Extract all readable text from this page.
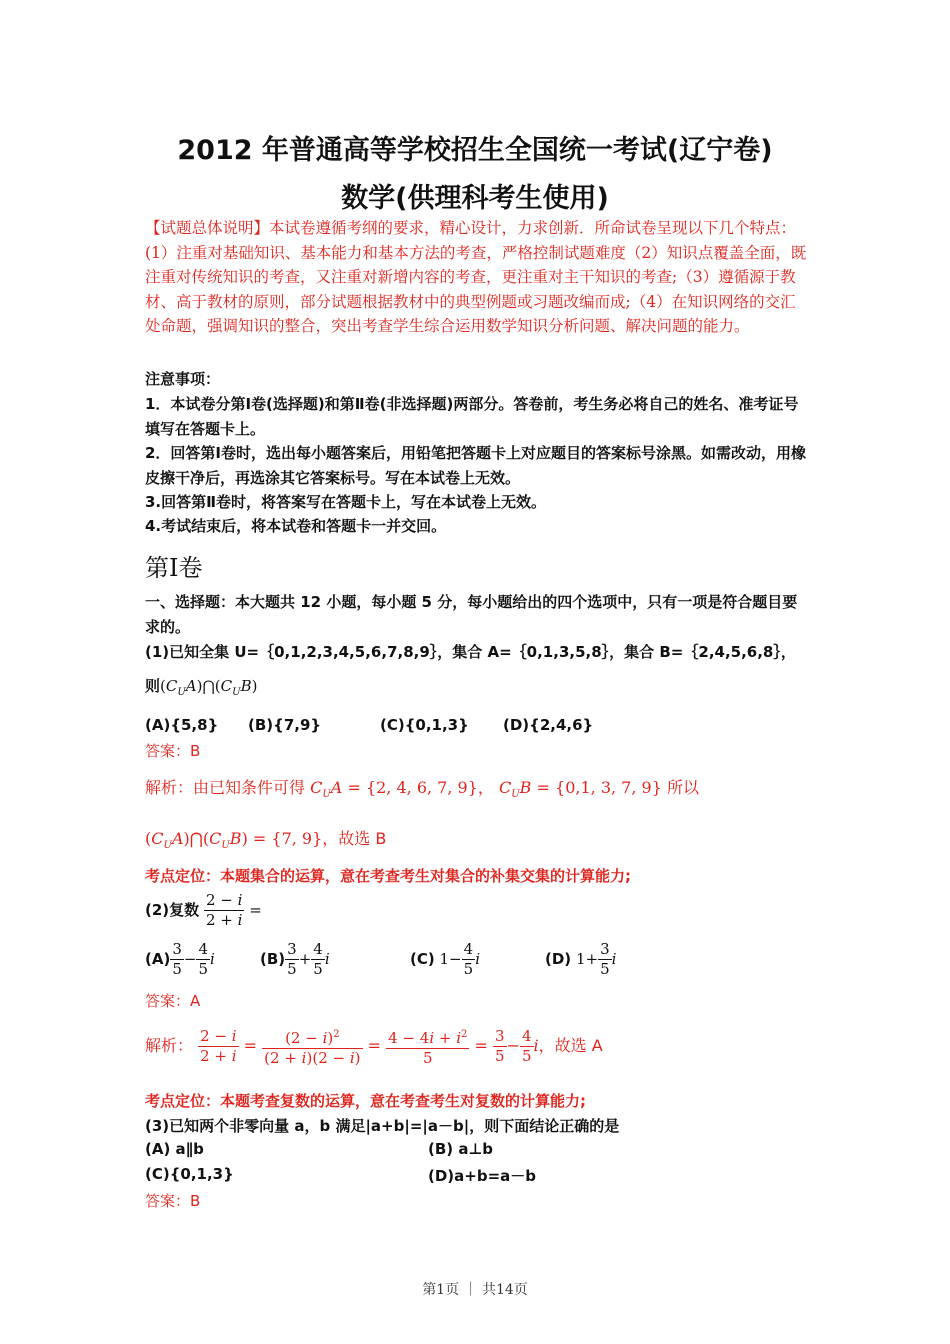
2012 年普通高等学校招生全国统一考试(辽宁卷)
数学(供理科考生使用)
【试题总体说明】本试卷遵循考纲的要求，精心设计，力求创新．所命试卷呈现以下几个特点：(1）注重对基础知识、基本能力和基本方法的考查，严格控制试题难度（2）知识点覆盖全面，既注重对传统知识的考查，又注重对新增内容的考查，更注重对主干知识的考查;（3）遵循源于教材、高于教材的原则，部分试题根据教材中的典型例题或习题改编而成;（4）在知识网络的交汇处命题，强调知识的整合，突出考查学生综合运用数学知识分析问题、解决问题的能力。
注意事项：
1．本试卷分第Ⅰ卷(选择题)和第Ⅱ卷(非选择题)两部分。答卷前，考生务必将自己的姓名、准考证号填写在答题卡上。
2．回答第Ⅰ卷时，选出每小题答案后，用铅笔把答题卡上对应题目的答案标号涂黑。如需改动，用橡皮擦干净后，再选涂其它答案标号。写在本试卷上无效。
3.回答第Ⅱ卷时，将答案写在答题卡上，写在本试卷上无效。
4.考试结束后，将本试卷和答题卡一并交回。
第Ⅰ卷
一、选择题：本大题共 12 小题，每小题 5 分，每小题给出的四个选项中，只有一项是符合题目要求的。
(1)已知全集 U=｛0,1,2,3,4,5,6,7,8,9｝，集合 A=｛0,1,3,5,8｝，集合 B=｛2,4,5,6,8｝，
则$(C_UA)⋂(C_UB)$
(A){5,8} (B){7,9}	(C){0,1,3} (D){2,4,6}
答案：B
解析：由已知条件可得 $C_UA = \{2$, 4, 6, 7, 9}， $C_UB = \{0,1$, 3, 7, 9} 所以
$(C_UA)⋂(C_UB) = \{7$, 9}，故选 B
考点定位：本题集合的运算，意在考查考生对集合的补集交集的计算能力;
(2)复数 $\frac{2 - i}{2 + i}$ =
$(A) \frac{3}{5} - \frac{4}{5}$ i	$(B) \frac{3}{5} + \frac{4}{5}$ i	(C) $1- \frac{4}{5}$ i	(D) $1+ \frac{3}{5}$ i
答案：A
解析： $\frac{2 - i}{2 + i} = \frac{(2 - i)^2}{(2 + i)(2 - i)} = \frac{4 - 4i + i^2}{5} = \frac{3}{5} - \frac{4}{5}$ i，故选 A
考点定位：本题考查复数的运算，意在考查考生对复数的计算能力;
(3)已知两个非零向量 a，b 满足|a+b|=|a－b|，则下面结论正确的是
(A) a∥b	(B) a⊥b
(C){0,1,3}	(D)a+b=a－b
答案：B
第1页 ｜ 共14页
